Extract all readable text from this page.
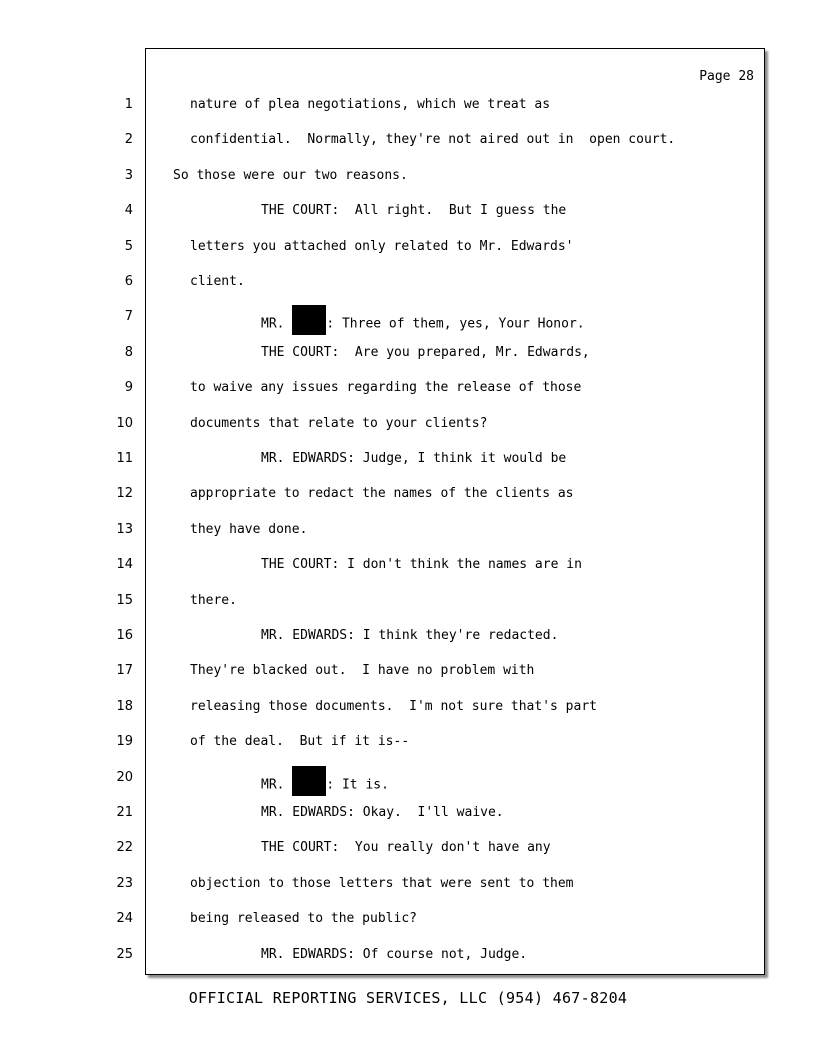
Page 28
1
2
3
4
5
6
7
8
9
10
11
12
13
14
15
16
17
18
19
20
21
22
23
24
25
nature of plea negotiations, which we treat as
confidential.  Normally, they're not aired out in  open court.
So those were our two reasons.
THE COURT:  All right.  But I guess the
letters you attached only related to Mr. Edwards'
client.
MR.	: Three of them, yes, Your Honor.
THE COURT:  Are you prepared, Mr. Edwards,
to waive any issues regarding the release of those
documents that relate to your clients?
MR. EDWARDS: Judge, I think it would be
appropriate to redact the names of the clients as
they have done.
THE COURT: I don't think the names are in
there.
MR. EDWARDS: I think they're redacted.
They're blacked out.  I have no problem with
releasing those documents.  I'm not sure that's part
of the deal.  But if it is--
MR.	: It is.
MR. EDWARDS: Okay.  I'll waive.
THE COURT:  You really don't have any
objection to those letters that were sent to them
being released to the public?
MR. EDWARDS: Of course not, Judge.
OFFICIAL REPORTING SERVICES, LLC (954) 467-8204
